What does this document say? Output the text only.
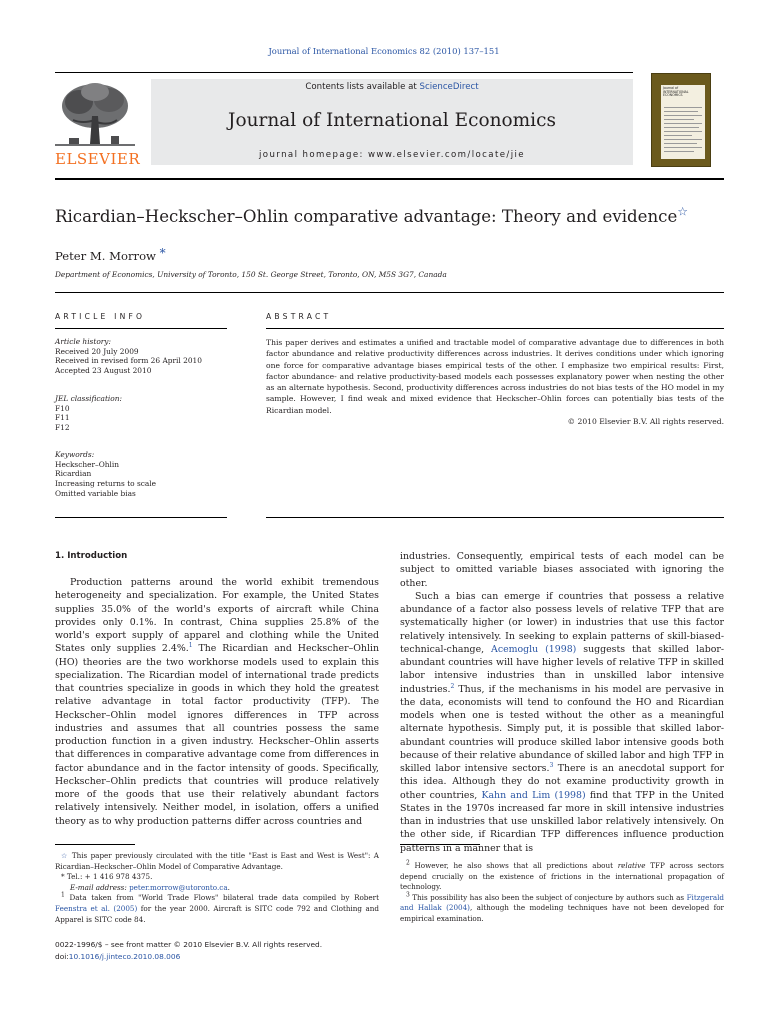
Journal of International Economics 82 (2010) 137–151
ELSEVIER
Contents lists available at ScienceDirect
Journal of International Economics
journal homepage: www.elsevier.com/locate/jie
Journal of INTERNATIONAL ECONOMICS
Ricardian–Heckscher–Ohlin comparative advantage: Theory and evidence☆
Peter M. Morrow *
Department of Economics, University of Toronto, 150 St. George Street, Toronto, ON, M5S 3G7, Canada
ARTICLE INFO
Article history:
Received 20 July 2009
Received in revised form 26 April 2010
Accepted 23 August 2010
JEL classification:
F10
F11
F12
Keywords:
Heckscher–Ohlin
Ricardian
Increasing returns to scale
Omitted variable bias
ABSTRACT
This paper derives and estimates a unified and tractable model of comparative advantage due to differences in both factor abundance and relative productivity differences across industries. It derives conditions under which ignoring one force for comparative advantage biases empirical tests of the other. I emphasize two empirical results: First, factor abundance- and relative productivity-based models each possesses explanatory power when nesting the other as an alternate hypothesis. Second, productivity differences across industries do not bias tests of the HO model in my sample. However, I find weak and mixed evidence that Heckscher–Ohlin forces can potentially bias tests of the Ricardian model.
© 2010 Elsevier B.V. All rights reserved.
1. Introduction

Production patterns around the world exhibit tremendous heterogeneity and specialization. For example, the United States supplies 35.0% of the world's exports of aircraft while China provides only 0.1%. In contrast, China supplies 25.8% of the world's export supply of apparel and clothing while the United States only supplies 2.4%.$^1$ The Ricardian and Heckscher–Ohlin (HO) theories are the two workhorse models used to explain this specialization. The Ricardian model of international trade predicts that countries specialize in goods in which they hold the greatest relative advantage in total factor productivity (TFP). The Heckscher–Ohlin model ignores differences in TFP across industries and assumes that all countries possess the same production function in a given industry. Heckscher–Ohlin asserts that differences in comparative advantage come from differences in factor abundance and in the factor intensity of goods. Specifically, Heckscher–Ohlin predicts that countries will produce relatively more of the goods that use their relatively abundant factors relatively intensively. Neither model, in isolation, offers a unified theory as to why production patterns differ across countries and

industries. Consequently, empirical tests of each model can be subject to omitted variable biases associated with ignoring the other.

Such a bias can emerge if countries that possess a relative abundance of a factor also possess levels of relative TFP that are systematically higher (or lower) in industries that use this factor relatively intensively. In seeking to explain patterns of skill-biased-technical-change, Acemoglu (1998) suggests that skilled labor-abundant countries will have higher levels of relative TFP in skilled labor intensive industries than in unskilled labor intensive industries.$^2$ Thus, if the mechanisms in his model are pervasive in the data, economists will tend to confound the HO and Ricardian models when one is tested without the other as a meaningful alternate hypothesis. Simply put, it is possible that skilled labor-abundant countries will produce skilled labor intensive goods both because of their relative abundance of skilled labor and high TFP in skilled labor intensive sectors.$^3$ There is an anecdotal support for this idea. Although they do not examine productivity growth in other countries, Kahn and Lim (1998) find that TFP in the United States in the 1970s increased far more in skill intensive industries than in industries that use unskilled labor relatively intensively. On the other side, if Ricardian TFP differences influence production patterns in a manner that is

☆ This paper previously circulated with the title "East is East and West is West": A Ricardian–Heckscher–Ohlin Model of Comparative Advantage.

* Tel.: + 1 416 978 4375.

E-mail address: peter.morrow@utoronto.ca.

$^1$ Data taken from "World Trade Flows" bilateral trade data compiled by Robert Feenstra et al. (2005) for the year 2000. Aircraft is SITC code 792 and Clothing and Apparel is SITC code 84.

$^2$ However, he also shows that all predictions about relative TFP across sectors depend crucially on the existence of frictions in the international propagation of technology.

$^3$ This possibility has also been the subject of conjecture by authors such as Fitzgerald and Hallak (2004), although the modeling techniques have not been developed for empirical examination.

0022-1996/$ – see front matter © 2010 Elsevier B.V. All rights reserved.
doi:10.1016/j.jinteco.2010.08.006
